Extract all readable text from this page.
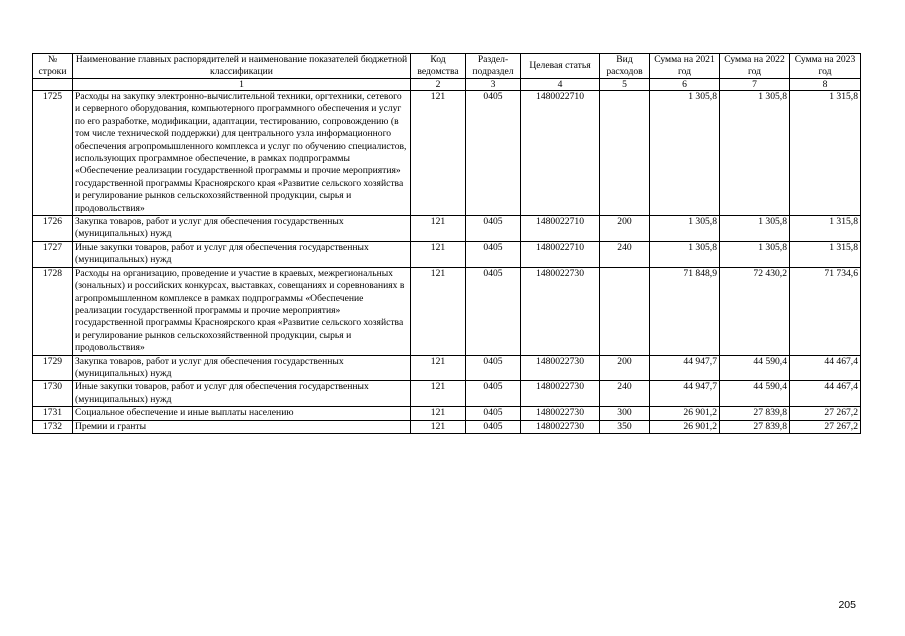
№ строки	Наименование главных распорядителей и наименование показателей бюджетной классификации	Код ведомства	Раздел-подраздел	Целевая статья	Вид расходов	Сумма на 2021 год	Сумма на 2022 год	Сумма на 2023 год
	1	2	3	4	5	6	7	8
1725	Расходы на закупку электронно-вычислительной техники, оргтехники, сетевого и серверного оборудования, компьютерного программного обеспечения и услуг по его разработке, модификации, адаптации, тестированию, сопровождению (в том числе технической поддержки) для центрального узла информационного обеспечения агропромышленного комплекса и услуг по обучению специалистов, использующих программное обеспечение, в рамках подпрограммы «Обеспечение реализации государственной программы и прочие мероприятия» государственной программы Красноярского края «Развитие сельского хозяйства и регулирование рынков сельскохозяйственной продукции, сырья и продовольствия»	121	0405	1480022710		1 305,8	1 305,8	1 315,8
1726	Закупка товаров, работ и услуг для обеспечения государственных (муниципальных) нужд	121	0405	1480022710	200	1 305,8	1 305,8	1 315,8
1727	Иные закупки товаров, работ и услуг для обеспечения государственных (муниципальных) нужд	121	0405	1480022710	240	1 305,8	1 305,8	1 315,8
1728	Расходы на организацию, проведение и участие в краевых, межрегиональных (зональных) и российских конкурсах, выставках, совещаниях и соревнованиях в агропромышленном комплексе в рамках подпрограммы «Обеспечение реализации государственной программы и прочие мероприятия» государственной программы Красноярского края «Развитие сельского хозяйства и регулирование рынков сельскохозяйственной продукции, сырья и продовольствия»	121	0405	1480022730		71 848,9	72 430,2	71 734,6
1729	Закупка товаров, работ и услуг для обеспечения государственных (муниципальных) нужд	121	0405	1480022730	200	44 947,7	44 590,4	44 467,4
1730	Иные закупки товаров, работ и услуг для обеспечения государственных (муниципальных) нужд	121	0405	1480022730	240	44 947,7	44 590,4	44 467,4
1731	Социальное обеспечение и иные выплаты населению	121	0405	1480022730	300	26 901,2	27 839,8	27 267,2
1732	Премии и гранты	121	0405	1480022730	350	26 901,2	27 839,8	27 267,2
205
